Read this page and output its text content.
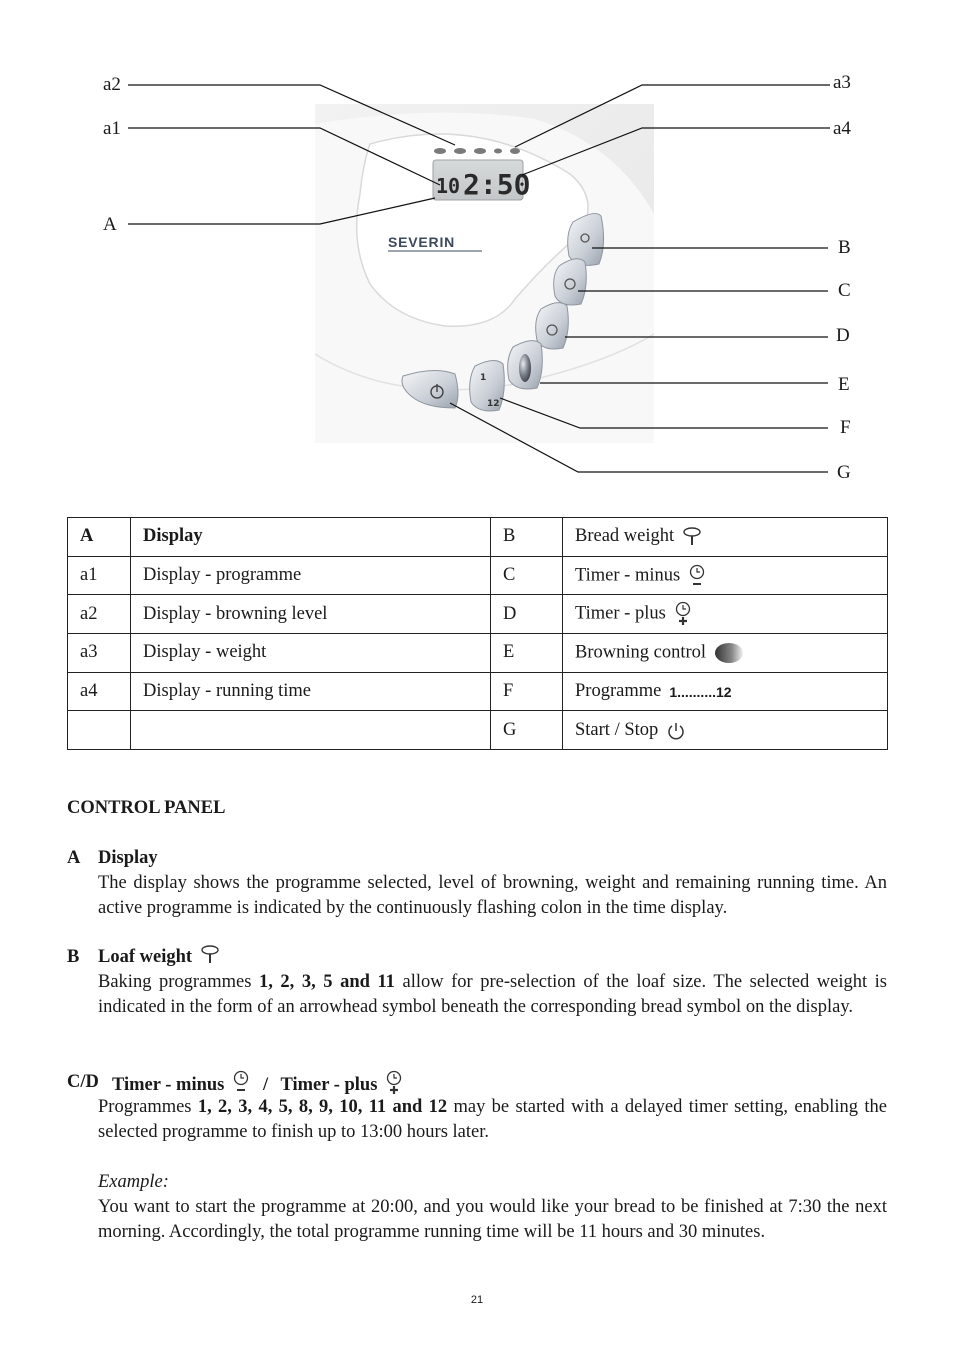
10 2:50
SEVERIN
1
12
a2
a1
A
a3
a4
B
C
D
E
F
G
A	Display	B	Bread weight
a1	Display - programme	C	Timer - minus
a2	Display - browning level	D	Timer - plus
a3	Display - weight	E	Browning control
a4	Display - running time	F	Programme 1..........12
		G	Start / Stop
CONTROL PANEL
A Display
The display shows the programme selected, level of browning, weight and remaining running time. An active programme is indicated by the continuously flashing colon in the time display.
B Loaf weight
Baking programmes 1, 2, 3, 5 and 11 allow for pre-selection of the loaf size. The selected weight is indicated in the form of an arrowhead symbol beneath the corresponding bread symbol on the display.
C/D Timer - minus / Timer - plus
Programmes 1, 2, 3, 4, 5, 8, 9, 10, 11 and 12 may be started with a delayed timer setting, enabling the selected programme to finish up to 13:00 hours later.
Example:
You want to start the programme at 20:00, and you would like your bread to be finished at 7:30 the next morning. Accordingly, the total programme running time will be 11 hours and 30 minutes.
21
